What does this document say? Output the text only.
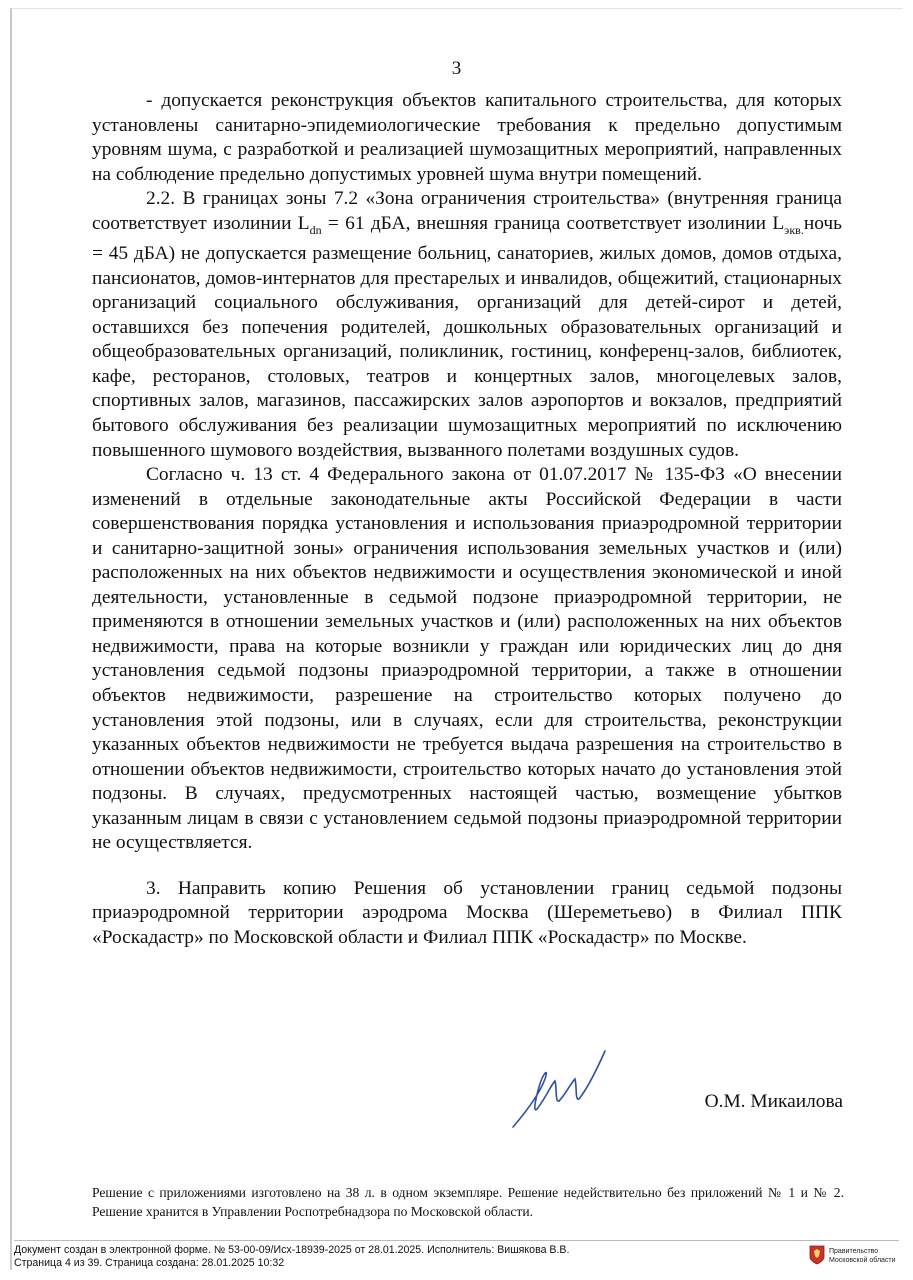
3

- допускается реконструкция объектов капитального строительства, для которых установлены санитарно-эпидемиологические требования к предельно допустимым уровням шума, с разработкой и реализацией шумозащитных мероприятий, направленных на соблюдение предельно допустимых уровней шума внутри помещений.

2.2. В границах зоны 7.2 «Зона ограничения строительства» (внутренняя граница соответствует изолинии $L_{dn} = 61$ дБА, внешняя граница соответствует изолинии $L_{экв.}ночь = 45$ дБА) не допускается размещение больниц, санаториев, жилых домов, домов отдыха, пансионатов, домов-интернатов для престарелых и инвалидов, общежитий, стационарных организаций социального обслуживания, организаций для детей-сирот и детей, оставшихся без попечения родителей, дошкольных образовательных организаций и общеобразовательных организаций, поликлиник, гостиниц, конференц-залов, библиотек, кафе, ресторанов, столовых, театров и концертных залов, многоцелевых залов, спортивных залов, магазинов, пассажирских залов аэропортов и вокзалов, предприятий бытового обслуживания без реализации шумозащитных мероприятий по исключению повышенного шумового воздействия, вызванного полетами воздушных судов.

Согласно ч. 13 ст. 4 Федерального закона от 01.07.2017 № 135-ФЗ «О внесении изменений в отдельные законодательные акты Российской Федерации в части совершенствования порядка установления и использования приаэродромной территории и санитарно-защитной зоны» ограничения использования земельных участков и (или) расположенных на них объектов недвижимости и осуществления экономической и иной деятельности, установленные в седьмой подзоне приаэродромной территории, не применяются в отношении земельных участков и (или) расположенных на них объектов недвижимости, права на которые возникли у граждан или юридических лиц до дня установления седьмой подзоны приаэродромной территории, а также в отношении объектов недвижимости, разрешение на строительство которых получено до установления этой подзоны, или в случаях, если для строительства, реконструкции указанных объектов недвижимости не требуется выдача разрешения на строительство в отношении объектов недвижимости, строительство которых начато до установления этой подзоны. В случаях, предусмотренных настоящей частью, возмещение убытков указанным лицам в связи с установлением седьмой подзоны приаэродромной территории не осуществляется.

3. Направить копию Решения об установлении границ седьмой подзоны приаэродромной территории аэродрома Москва (Шереметьево) в Филиал ППК «Роскадастр» по Московской области и Филиал ППК «Роскадастр» по Москве.

О.М. Микаилова
Решение с приложениями изготовлено на 38 л. в одном экземпляре. Решение недействительно без приложений № 1 и № 2. Решение хранится в Управлении Роспотребнадзора по Московской области.
Документ создан в электронной форме. № 53-00-09/Исх-18939-2025 от 28.01.2025. Исполнитель: Вишякова В.В.
Страница 4 из 39. Страница создана: 28.01.2025 10:32
Правительство Московской области
